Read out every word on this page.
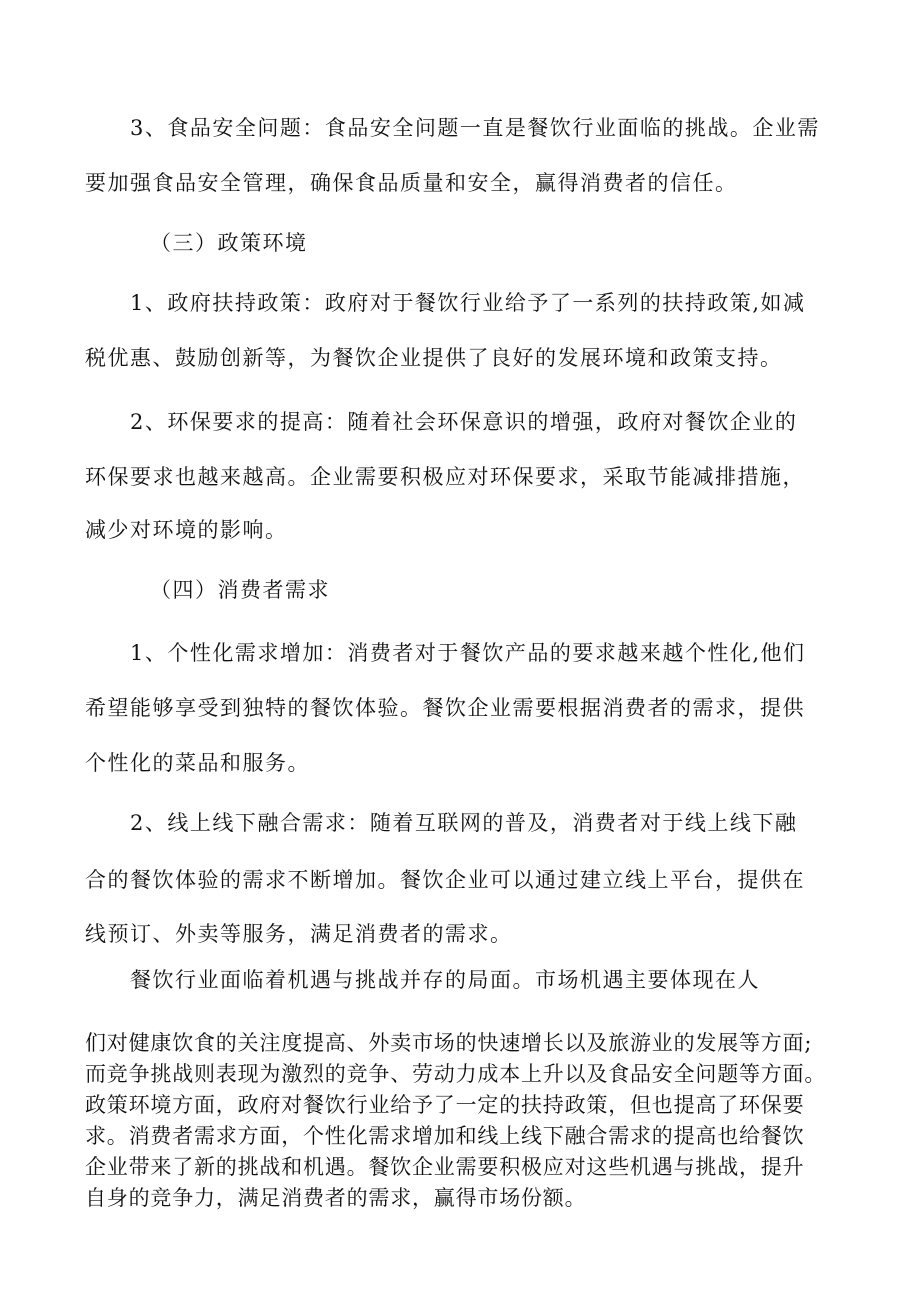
3、食品安全问题：食品安全问题一直是餐饮行业面临的挑战。企业需
要加强食品安全管理，确保食品质量和安全，赢得消费者的信任。
（三）政策环境
1、政府扶持政策：政府对于餐饮行业给予了一系列的扶持政策,如减
税优惠、鼓励创新等，为餐饮企业提供了良好的发展环境和政策支持。
2、环保要求的提高：随着社会环保意识的增强，政府对餐饮企业的
环保要求也越来越高。企业需要积极应对环保要求，采取节能减排措施，
减少对环境的影响。
（四）消费者需求
1、个性化需求增加：消费者对于餐饮产品的要求越来越个性化,他们
希望能够享受到独特的餐饮体验。餐饮企业需要根据消费者的需求，提供
个性化的菜品和服务。
2、线上线下融合需求：随着互联网的普及，消费者对于线上线下融
合的餐饮体验的需求不断增加。餐饮企业可以通过建立线上平台，提供在
线预订、外卖等服务，满足消费者的需求。
餐饮行业面临着机遇与挑战并存的局面。市场机遇主要体现在人
们对健康饮食的关注度提高、外卖市场的快速增长以及旅游业的发展等方面;
而竞争挑战则表现为激烈的竞争、劳动力成本上升以及食品安全问题等方面。
政策环境方面，政府对餐饮行业给予了一定的扶持政策，但也提高了环保要
求。消费者需求方面，个性化需求增加和线上线下融合需求的提高也给餐饮
企业带来了新的挑战和机遇。餐饮企业需要积极应对这些机遇与挑战，提升
自身的竞争力，满足消费者的需求，赢得市场份额。
